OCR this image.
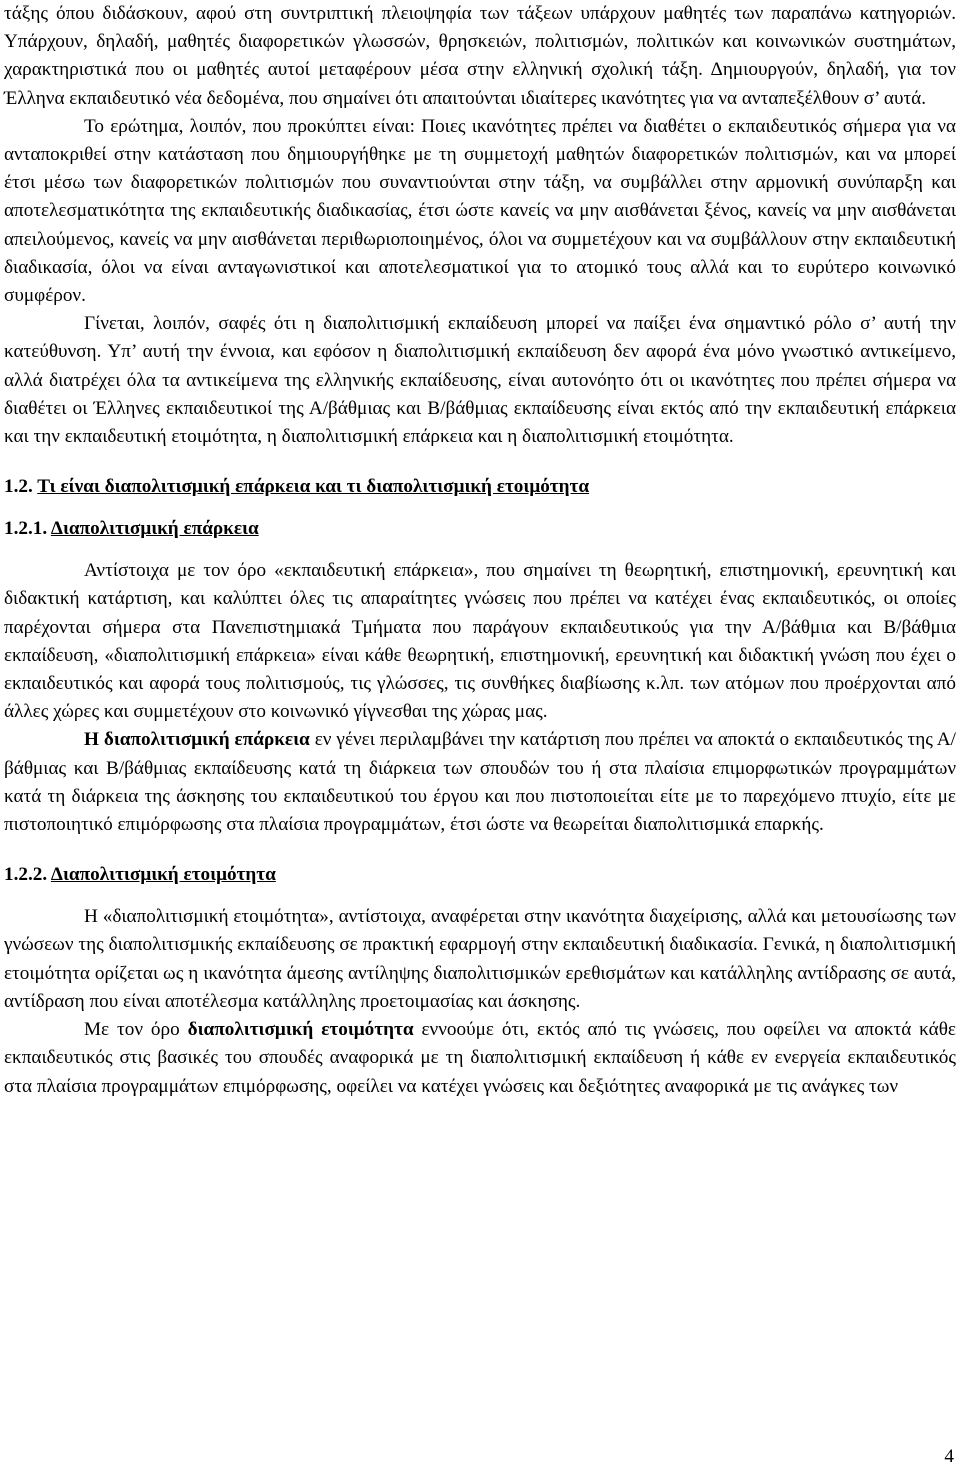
τάξης όπου διδάσκουν, αφού στη συντριπτική πλειοψηφία των τάξεων υπάρχουν μαθητές των παραπάνω κατηγοριών. Υπάρχουν, δηλαδή, μαθητές διαφορετικών γλωσσών, θρησκειών, πολιτισμών, πολιτικών και κοινωνικών συστημάτων, χαρακτηριστικά που οι μαθητές αυτοί μεταφέρουν μέσα στην ελληνική σχολική τάξη. Δημιουργούν, δηλαδή, για τον Έλληνα εκπαιδευτικό νέα δεδομένα, που σημαίνει ότι απαιτούνται ιδιαίτερες ικανότητες για να ανταπεξέλθουν σ’ αυτά.

Το ερώτημα, λοιπόν, που προκύπτει είναι: Ποιες ικανότητες πρέπει να διαθέτει ο εκπαιδευτικός σήμερα για να ανταποκριθεί στην κατάσταση που δημιουργήθηκε με τη συμμετοχή μαθητών διαφορετικών πολιτισμών, και να μπορεί έτσι μέσω των διαφορετικών πολιτισμών που συναντιούνται στην τάξη, να συμβάλλει στην αρμονική συνύπαρξη και αποτελεσματικότητα της εκπαιδευτικής διαδικασίας, έτσι ώστε κανείς να μην αισθάνεται ξένος, κανείς να μην αισθάνεται απειλούμενος, κανείς να μην αισθάνεται περιθωριοποιημένος, όλοι να συμμετέχουν και να συμβάλλουν στην εκπαιδευτική διαδικασία, όλοι να είναι ανταγωνιστικοί και αποτελεσματικοί για το ατομικό τους αλλά και το ευρύτερο κοινωνικό συμφέρον.

Γίνεται, λοιπόν, σαφές ότι η διαπολιτισμική εκπαίδευση μπορεί να παίξει ένα σημαντικό ρόλο σ’ αυτή την κατεύθυνση. Υπ’ αυτή την έννοια, και εφόσον η διαπολιτισμική εκπαίδευση δεν αφορά ένα μόνο γνωστικό αντικείμενο, αλλά διατρέχει όλα τα αντικείμενα της ελληνικής εκπαίδευσης, είναι αυτονόητο ότι οι ικανότητες που πρέπει σήμερα να διαθέτει οι Έλληνες εκπαιδευτικοί της Α/βάθμιας και Β/βάθμιας εκπαίδευσης είναι εκτός από την εκπαιδευτική επάρκεια και την εκπαιδευτική ετοιμότητα, η διαπολιτισμική επάρκεια και η διαπολιτισμική ετοιμότητα.

1.2. Τι είναι διαπολιτισμική επάρκεια και τι διαπολιτισμική ετοιμότητα
1.2.1. Διαπολιτισμική επάρκεια

Αντίστοιχα με τον όρο «εκπαιδευτική επάρκεια», που σημαίνει τη θεωρητική, επιστημονική, ερευνητική και διδακτική κατάρτιση, και καλύπτει όλες τις απαραίτητες γνώσεις που πρέπει να κατέχει ένας εκπαιδευτικός, οι οποίες παρέχονται σήμερα στα Πανεπιστημιακά Τμήματα που παράγουν εκπαιδευτικούς για την Α/βάθμια και Β/βάθμια εκπαίδευση, «διαπολιτισμική επάρκεια» είναι κάθε θεωρητική, επιστημονική, ερευνητική και διδακτική γνώση που έχει ο εκπαιδευτικός και αφορά τους πολιτισμούς, τις γλώσσες, τις συνθήκες διαβίωσης κ.λπ. των ατόμων που προέρχονται από άλλες χώρες και συμμετέχουν στο κοινωνικό γίγνεσθαι της χώρας μας.

Η διαπολιτισμική επάρκεια εν γένει περιλαμβάνει την κατάρτιση που πρέπει να αποκτά ο εκπαιδευτικός της Α/βάθμιας και Β/βάθμιας εκπαίδευσης κατά τη διάρκεια των σπουδών του ή στα πλαίσια επιμορφωτικών προγραμμάτων κατά τη διάρκεια της άσκησης του εκπαιδευτικού του έργου και που πιστοποιείται είτε με το παρεχόμενο πτυχίο, είτε με πιστοποιητικό επιμόρφωσης στα πλαίσια προγραμμάτων, έτσι ώστε να θεωρείται διαπολιτισμικά επαρκής.

1.2.2. Διαπολιτισμική ετοιμότητα

Η «διαπολιτισμική ετοιμότητα», αντίστοιχα, αναφέρεται στην ικανότητα διαχείρισης, αλλά και μετουσίωσης των γνώσεων της διαπολιτισμικής εκπαίδευσης σε πρακτική εφαρμογή στην εκπαιδευτική διαδικασία. Γενικά, η διαπολιτισμική ετοιμότητα ορίζεται ως η ικανότητα άμεσης αντίληψης διαπολιτισμικών ερεθισμάτων και κατάλληλης αντίδρασης σε αυτά, αντίδραση που είναι αποτέλεσμα κατάλληλης προετοιμασίας και άσκησης.

Με τον όρο διαπολιτισμική ετοιμότητα εννοούμε ότι, εκτός από τις γνώσεις, που οφείλει να αποκτά κάθε εκπαιδευτικός στις βασικές του σπουδές αναφορικά με τη διαπολιτισμική εκπαίδευση ή κάθε εν ενεργεία εκπαιδευτικός στα πλαίσια προγραμμάτων επιμόρφωσης, οφείλει να κατέχει γνώσεις και δεξιότητες αναφορικά με τις ανάγκες των

4
